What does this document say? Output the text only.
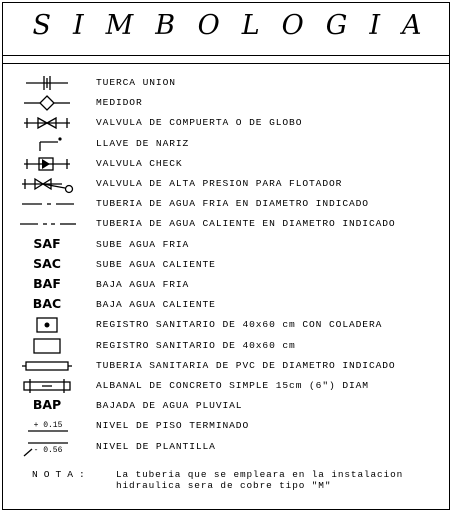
SIMBOLOGIA
TUERCA UNION
MEDIDOR
VALVULA DE COMPUERTA O DE GLOBO
LLAVE DE NARIZ
VALVULA CHECK
VALVULA DE ALTA PRESION PARA FLOTADOR
TUBERIA DE AGUA FRIA EN DIAMETRO INDICADO
TUBERIA DE AGUA CALIENTE EN DIAMETRO INDICADO
SAF	SUBE AGUA FRIA
SAC	SUBE AGUA CALIENTE
BAF	BAJA AGUA FRIA
BAC	BAJA AGUA CALIENTE
REGISTRO SANITARIO DE 40x60 cm CON COLADERA
REGISTRO SANITARIO DE 40x60 cm
TUBERIA SANITARIA DE PVC DE DIAMETRO INDICADO
ALBANAL DE CONCRETO SIMPLE 15cm (6") DIAM
BAP	BAJADA DE AGUA PLUVIAL
+ 0.15	NIVEL DE PISO TERMINADO
- 0.56	NIVEL DE PLANTILLA
NOTA:	La tuberia que se empleara en la instalacion
hidraulica sera de cobre tipo "M"
